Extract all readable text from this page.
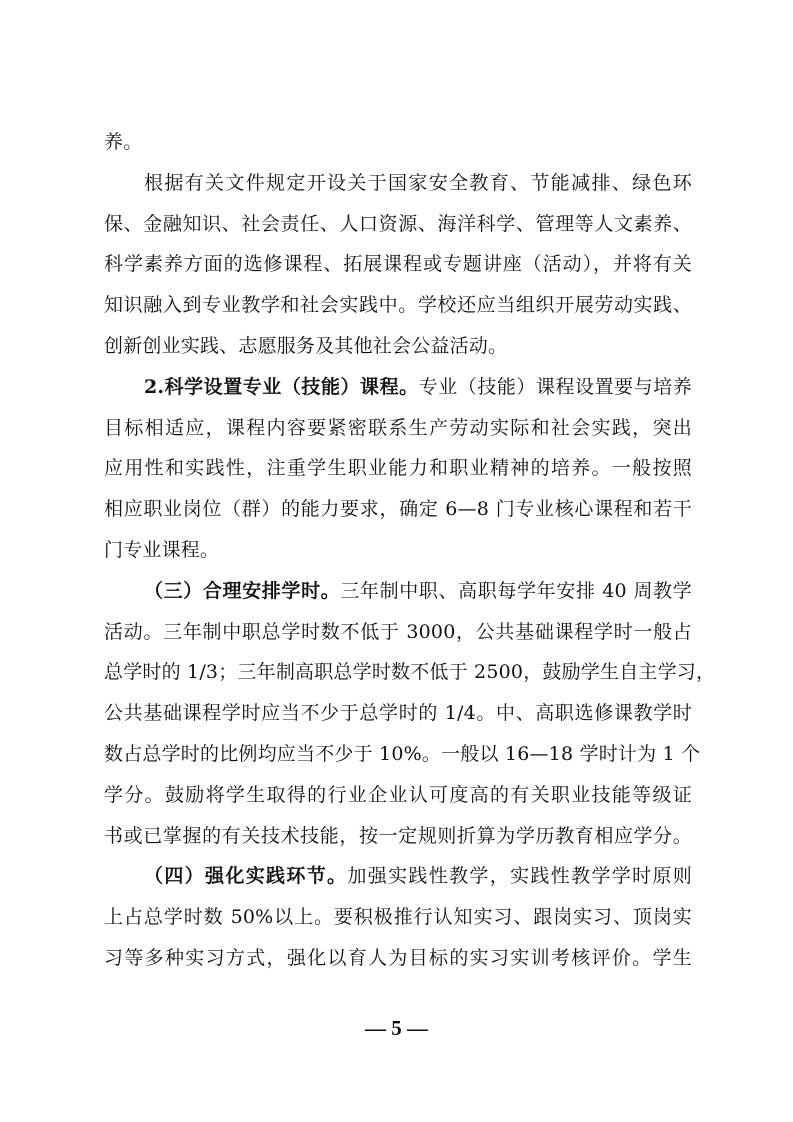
养。
根据有关文件规定开设关于国家安全教育、节能减排、绿色环
保、金融知识、社会责任、人口资源、海洋科学、管理等人文素养、
科学素养方面的选修课程、拓展课程或专题讲座（活动），并将有关
知识融入到专业教学和社会实践中。学校还应当组织开展劳动实践、
创新创业实践、志愿服务及其他社会公益活动。
2.科学设置专业（技能）课程。专业（技能）课程设置要与培养
目标相适应，课程内容要紧密联系生产劳动实际和社会实践，突出
应用性和实践性，注重学生职业能力和职业精神的培养。一般按照
相应职业岗位（群）的能力要求，确定 6—8 门专业核心课程和若干
门专业课程。
（三）合理安排学时。三年制中职、高职每学年安排 40 周教学
活动。三年制中职总学时数不低于 3000，公共基础课程学时一般占
总学时的 1/3；三年制高职总学时数不低于 2500，鼓励学生自主学习，
公共基础课程学时应当不少于总学时的 1/4。中、高职选修课教学时
数占总学时的比例均应当不少于 10%。一般以 16—18 学时计为 1 个
学分。鼓励将学生取得的行业企业认可度高的有关职业技能等级证
书或已掌握的有关技术技能，按一定规则折算为学历教育相应学分。
（四）强化实践环节。加强实践性教学，实践性教学学时原则
上占总学时数 50%以上。要积极推行认知实习、跟岗实习、顶岗实
习等多种实习方式，强化以育人为目标的实习实训考核评价。学生
— 5 —
